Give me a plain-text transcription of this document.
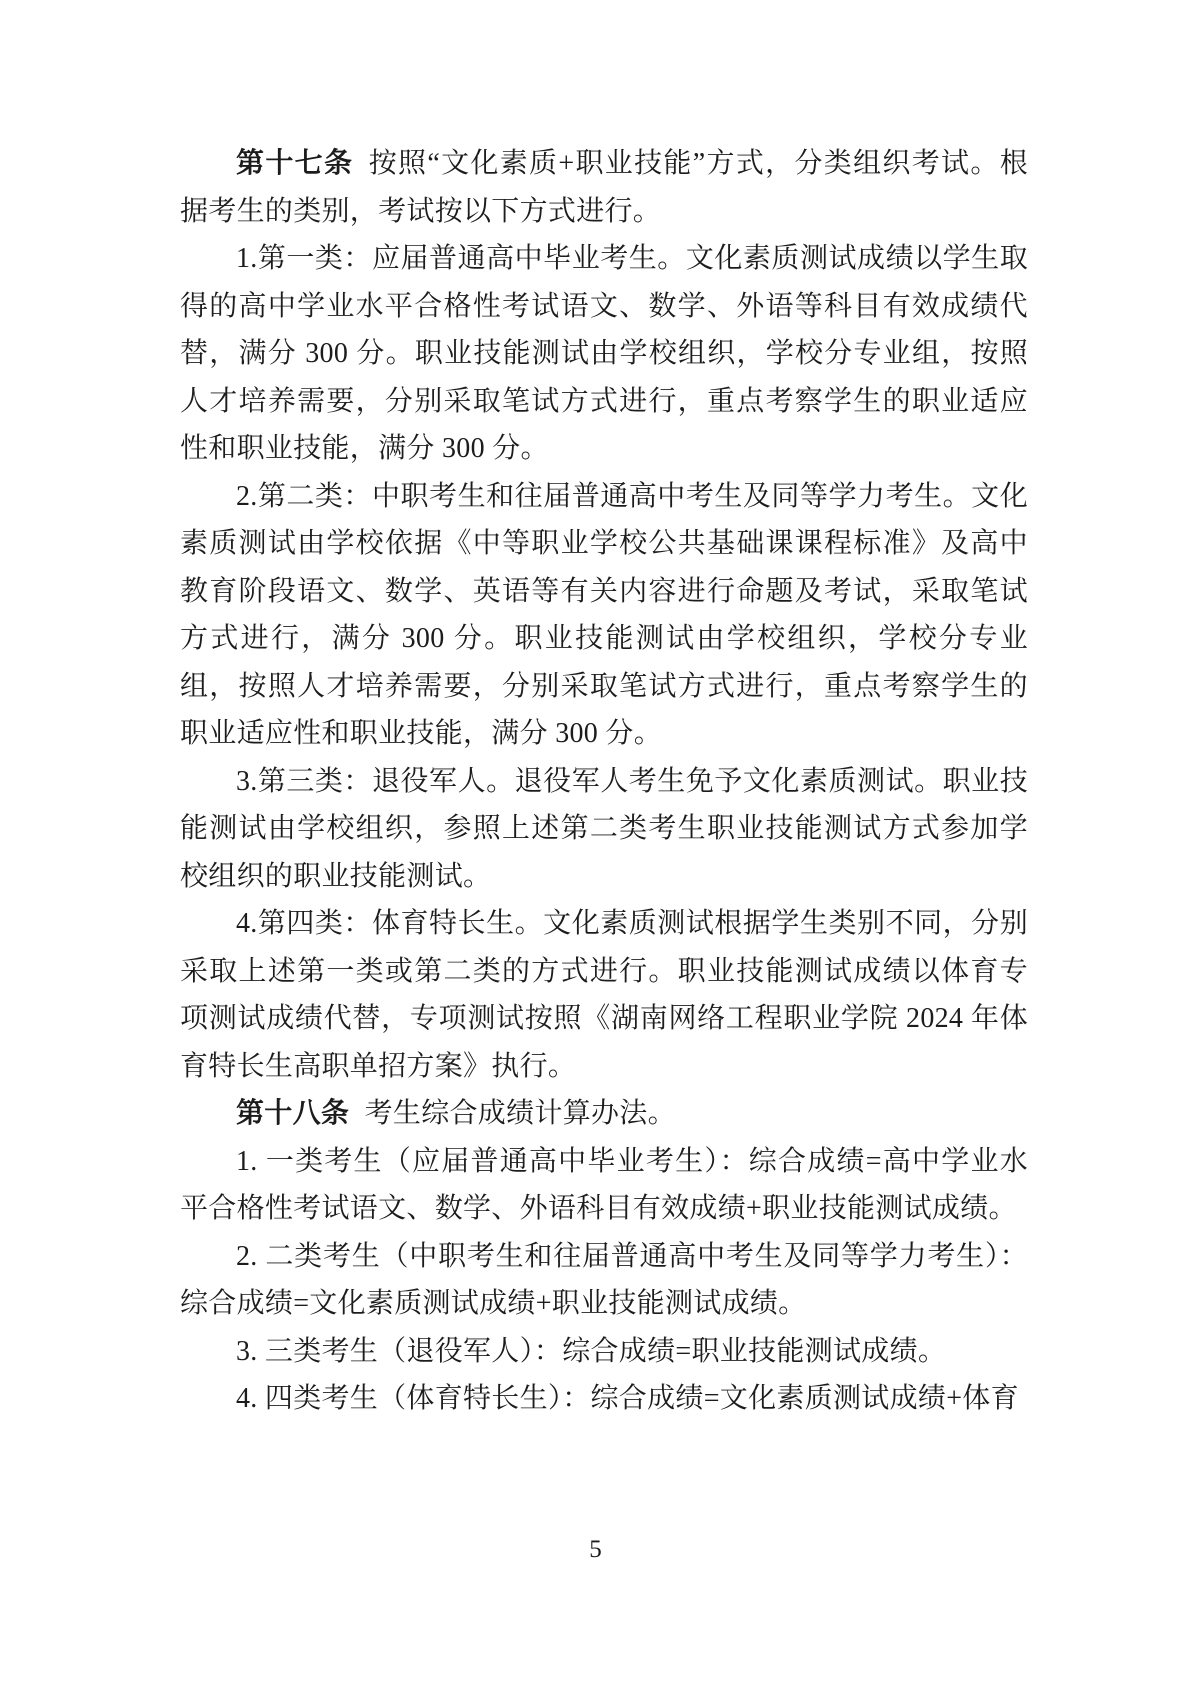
第十七条 按照“文化素质+职业技能”方式，分类组织考试。根据考生的类别，考试按以下方式进行。

1.第一类：应届普通高中毕业考生。文化素质测试成绩以学生取得的高中学业水平合格性考试语文、数学、外语等科目有效成绩代替，满分 300 分。职业技能测试由学校组织，学校分专业组，按照人才培养需要，分别采取笔试方式进行，重点考察学生的职业适应性和职业技能，满分 300 分。

2.第二类：中职考生和往届普通高中考生及同等学力考生。文化素质测试由学校依据《中等职业学校公共基础课课程标准》及高中教育阶段语文、数学、英语等有关内容进行命题及考试，采取笔试方式进行，满分 300 分。职业技能测试由学校组织，学校分专业组，按照人才培养需要，分别采取笔试方式进行，重点考察学生的职业适应性和职业技能，满分 300 分。

3.第三类：退役军人。退役军人考生免予文化素质测试。职业技能测试由学校组织，参照上述第二类考生职业技能测试方式参加学校组织的职业技能测试。

4.第四类：体育特长生。文化素质测试根据学生类别不同，分别采取上述第一类或第二类的方式进行。职业技能测试成绩以体育专项测试成绩代替，专项测试按照《湖南网络工程职业学院 2024 年体育特长生高职单招方案》执行。

第十八条 考生综合成绩计算办法。

1. 一类考生（应届普通高中毕业考生）：综合成绩=高中学业水平合格性考试语文、数学、外语科目有效成绩+职业技能测试成绩。

2. 二类考生（中职考生和往届普通高中考生及同等学力考生）：综合成绩=文化素质测试成绩+职业技能测试成绩。

3. 三类考生（退役军人）：综合成绩=职业技能测试成绩。

4. 四类考生（体育特长生）：综合成绩=文化素质测试成绩+体育

5
